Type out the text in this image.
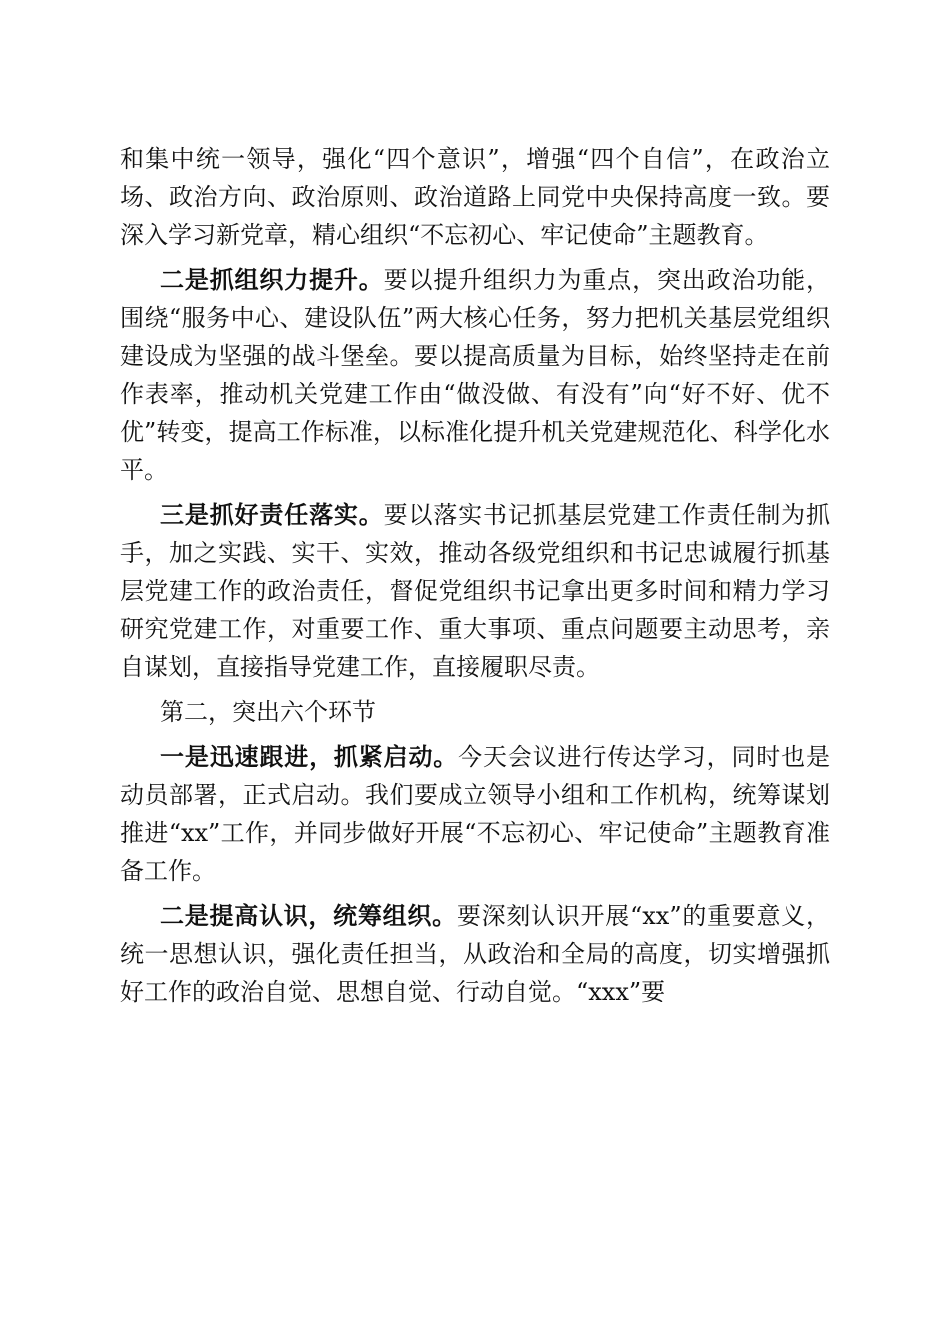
和集中统一领导，强化“四个意识”，增强“四个自信”，在政治立场、政治方向、政治原则、政治道路上同党中央保持高度一致。要深入学习新党章，精心组织“不忘初心、牢记使命”主题教育。

二是抓组织力提升。要以提升组织力为重点，突出政治功能，围绕“服务中心、建设队伍”两大核心任务，努力把机关基层党组织建设成为坚强的战斗堡垒。要以提高质量为目标，始终坚持走在前作表率，推动机关党建工作由“做没做、有没有”向“好不好、优不优”转变，提高工作标准，以标准化提升机关党建规范化、科学化水平。

三是抓好责任落实。要以落实书记抓基层党建工作责任制为抓手，加之实践、实干、实效，推动各级党组织和书记忠诚履行抓基层党建工作的政治责任，督促党组织书记拿出更多时间和精力学习研究党建工作，对重要工作、重大事项、重点问题要主动思考，亲自谋划，直接指导党建工作，直接履职尽责。

第二，突出六个环节

一是迅速跟进，抓紧启动。今天会议进行传达学习，同时也是动员部署，正式启动。我们要成立领导小组和工作机构，统筹谋划推进“xx”工作，并同步做好开展“不忘初心、牢记使命”主题教育准备工作。

二是提高认识，统筹组织。要深刻认识开展“xx”的重要意义，统一思想认识，强化责任担当，从政治和全局的高度，切实增强抓好工作的政治自觉、思想自觉、行动自觉。“xxx”要
